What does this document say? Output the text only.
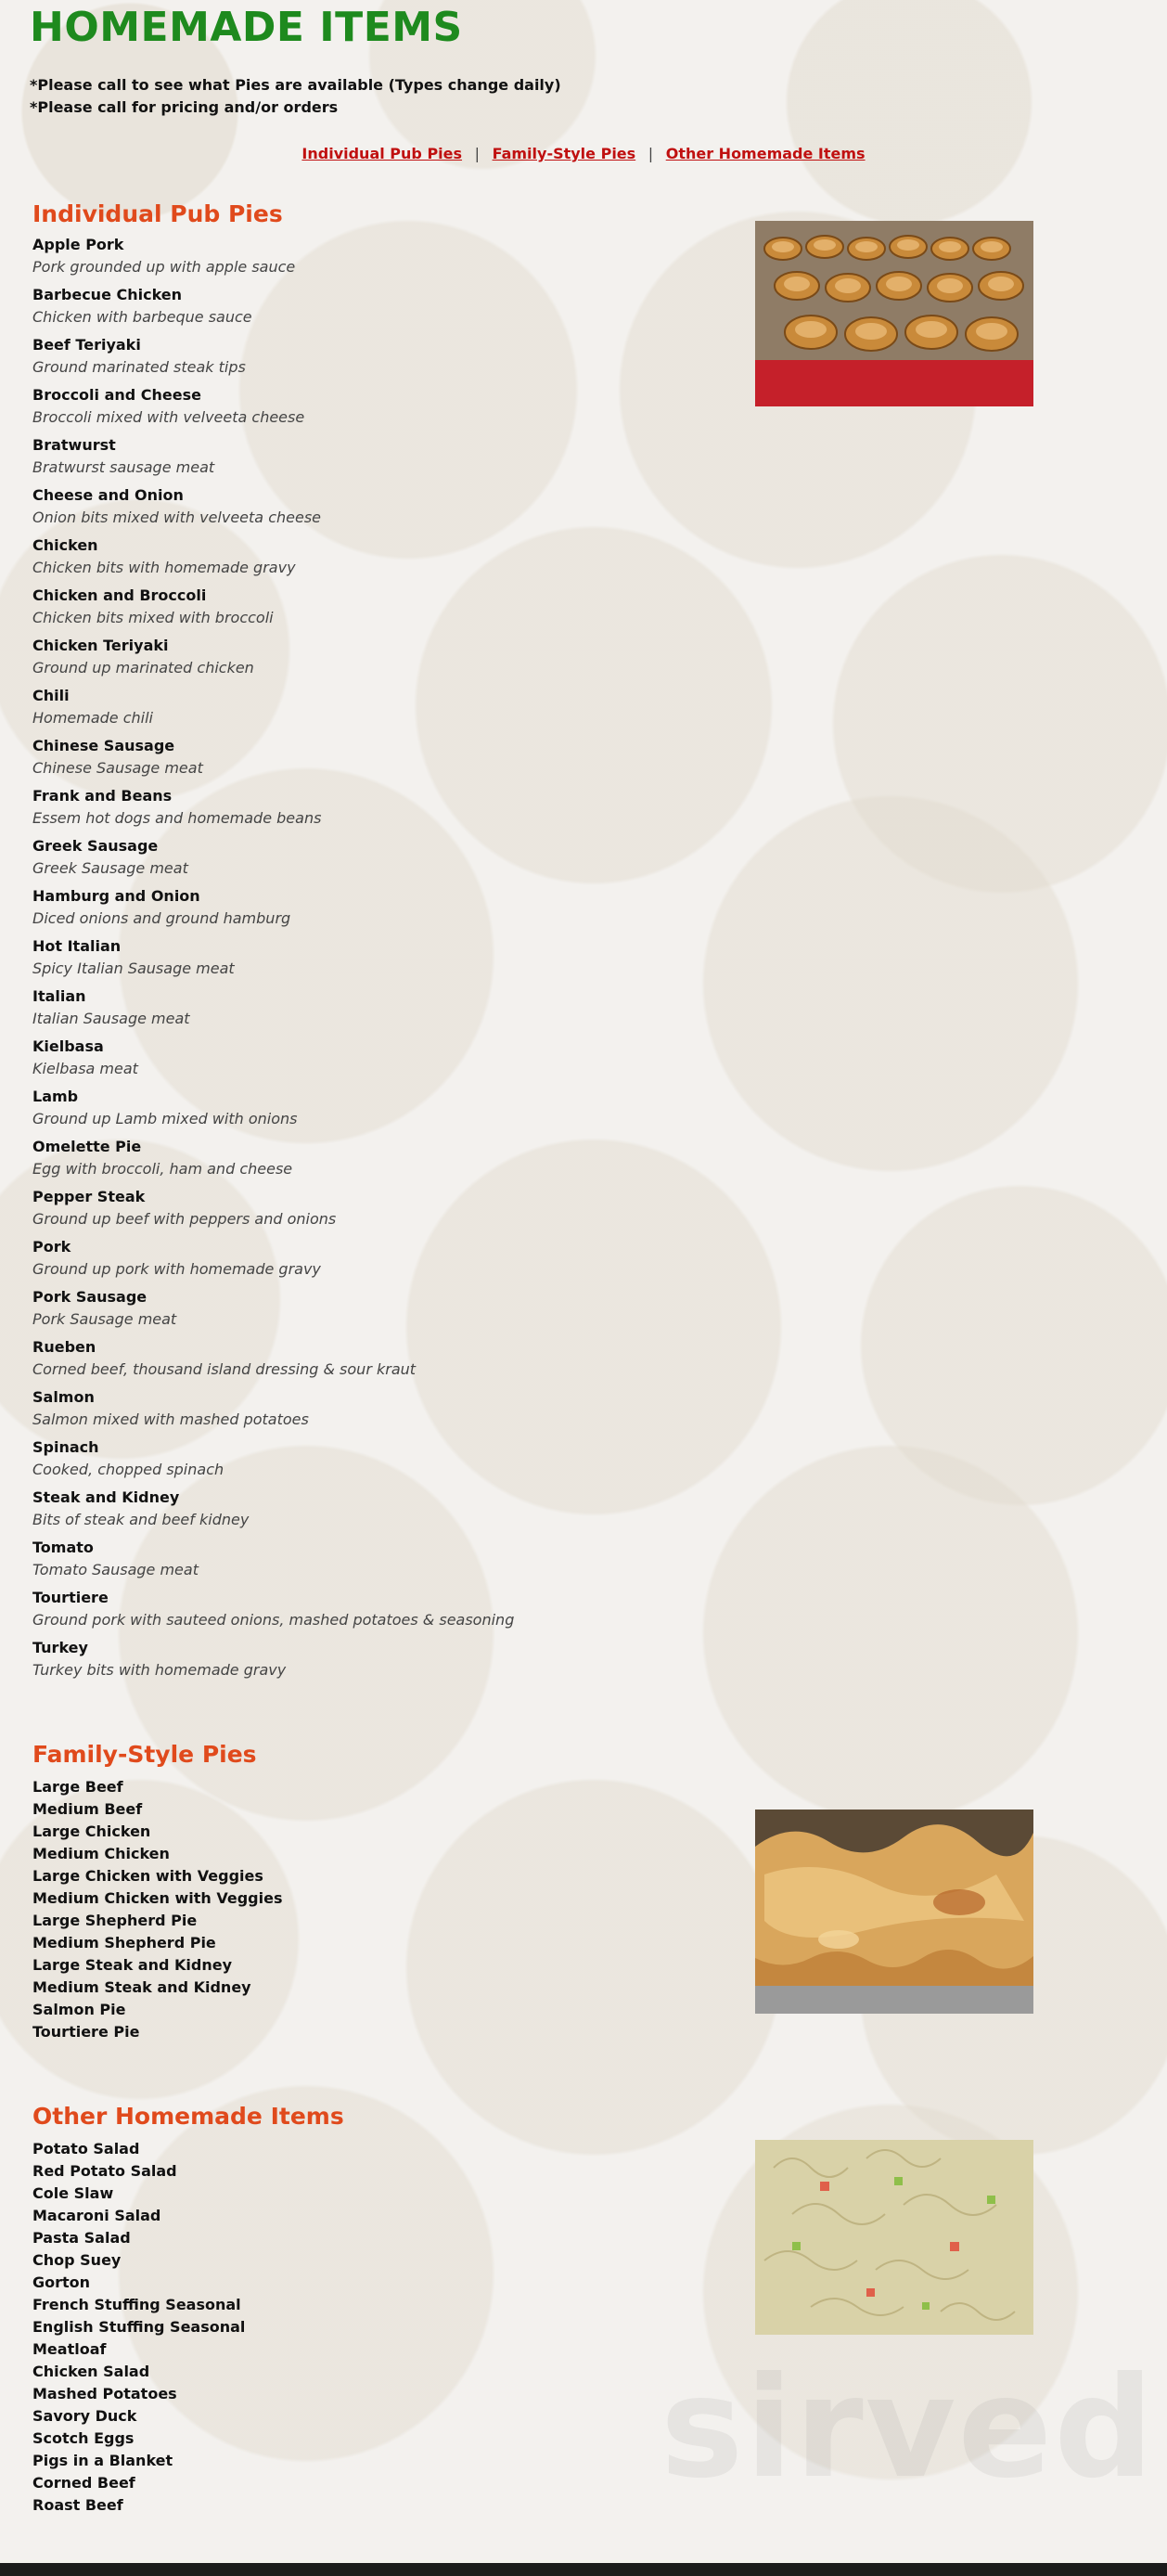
HOMEMADE ITEMS
*Please call to see what Pies are available (Types change daily)
*Please call for pricing and/or orders
Individual Pub Pies | Family-Style Pies | Other Homemade Items
Individual Pub Pies
Apple Pork
Pork grounded up with apple sauce
Barbecue Chicken
Chicken with barbeque sauce
Beef Teriyaki
Ground marinated steak tips
Broccoli and Cheese
Broccoli mixed with velveeta cheese
Bratwurst
Bratwurst sausage meat
Cheese and Onion
Onion bits mixed with velveeta cheese
Chicken
Chicken bits with homemade gravy
Chicken and Broccoli
Chicken bits mixed with broccoli
Chicken Teriyaki
Ground up marinated chicken
Chili
Homemade chili
Chinese Sausage
Chinese Sausage meat
Frank and Beans
Essem hot dogs and homemade beans
Greek Sausage
Greek Sausage meat
Hamburg and Onion
Diced onions and ground hamburg
Hot Italian
Spicy Italian Sausage meat
Italian
Italian Sausage meat
Kielbasa
Kielbasa meat
Lamb
Ground up Lamb mixed with onions
Omelette Pie
Egg with broccoli, ham and cheese
Pepper Steak
Ground up beef with peppers and onions
Pork
Ground up pork with homemade gravy
Pork Sausage
Pork Sausage meat
Rueben
Corned beef, thousand island dressing & sour kraut
Salmon
Salmon mixed with mashed potatoes
Spinach
Cooked, chopped spinach
Steak and Kidney
Bits of steak and beef kidney
Tomato
Tomato Sausage meat
Tourtiere
Ground pork with sauteed onions, mashed potatoes & seasoning
Turkey
Turkey bits with homemade gravy
Family-Style Pies
Large Beef
Medium Beef
Large Chicken
Medium Chicken
Large Chicken with Veggies
Medium Chicken with Veggies
Large Shepherd Pie
Medium Shepherd Pie
Large Steak and Kidney
Medium Steak and Kidney
Salmon Pie
Tourtiere Pie
Other Homemade Items
Potato Salad
Red Potato Salad
Cole Slaw
Macaroni Salad
Pasta Salad
Chop Suey
Gorton
French Stuffing Seasonal
English Stuffing Seasonal
Meatloaf
Chicken Salad
Mashed Potatoes
Savory Duck
Scotch Eggs
Pigs in a Blanket
Corned Beef
Roast Beef	sirved
